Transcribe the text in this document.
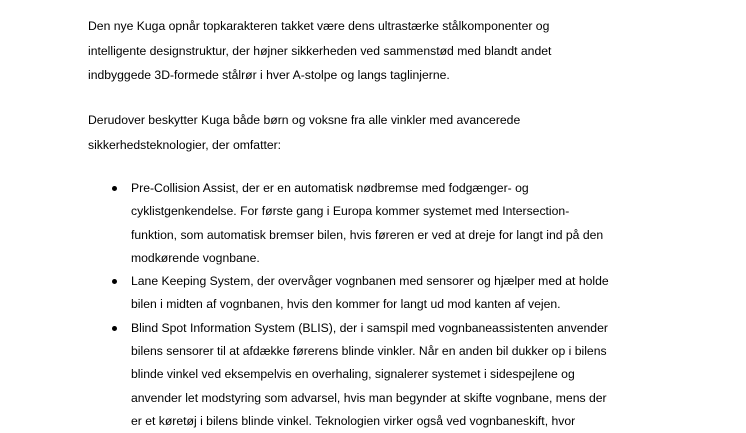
Den nye Kuga opnår topkarakteren takket være dens ultrastærke stålkomponenter og
intelligente designstruktur, der højner sikkerheden ved sammenstød med blandt andet
indbyggede 3D-formede stålrør i hver A-stolpe og langs taglinjerne.

Derudover beskytter Kuga både børn og voksne fra alle vinkler med avancerede
sikkerhedsteknologier, der omfatter:

Pre-Collision Assist, der er en automatisk nødbremse med fodgænger- og
cyklistgenkendelse. For første gang i Europa kommer systemet med Intersection-
funktion, som automatisk bremser bilen, hvis føreren er ved at dreje for langt ind på den
modkørende vognbane.
Lane Keeping System, der overvåger vognbanen med sensorer og hjælper med at holde
bilen i midten af vognbanen, hvis den kommer for langt ud mod kanten af vejen.
Blind Spot Information System (BLIS), der i samspil med vognbaneassistenten anvender
bilens sensorer til at afdække førerens blinde vinkler. Når en anden bil dukker op i bilens
blinde vinkel ved eksempelvis en overhaling, signalerer systemet i sidespejlene og
anvender let modstyring som advarsel, hvis man begynder at skifte vognbane, mens der
er et køretøj i bilens blinde vinkel. Teknologien virker også ved vognbaneskift, hvor
